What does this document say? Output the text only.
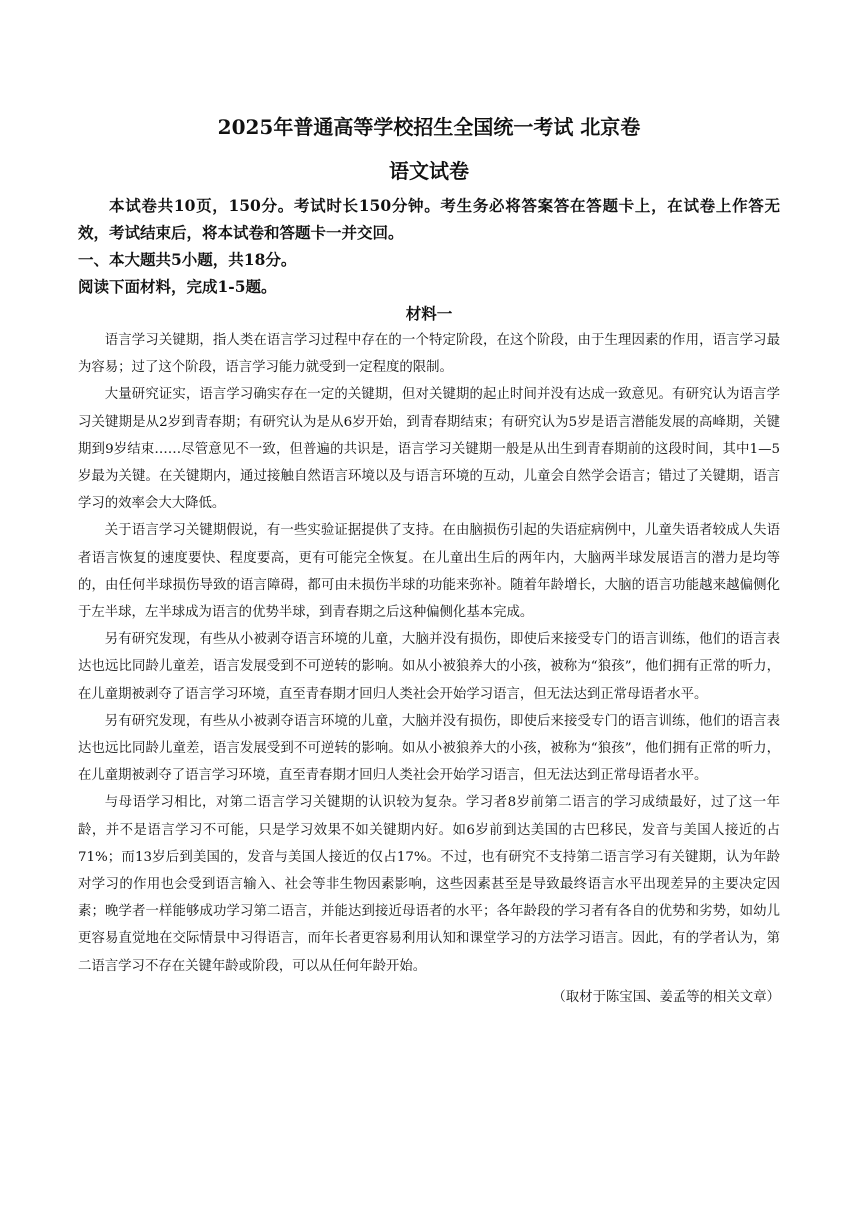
2025年普通高等学校招生全国统一考试 北京卷
语文试卷

本试卷共10页，150分。考试时长150分钟。考生务必将答案答在答题卡上，在试卷上作答无效，考试结束后，将本试卷和答题卡一并交回。

一、本大题共5小题，共18分。

阅读下面材料，完成1-5题。

材料一

语言学习关键期，指人类在语言学习过程中存在的一个特定阶段，在这个阶段，由于生理因素的作用，语言学习最为容易；过了这个阶段，语言学习能力就受到一定程度的限制。

大量研究证实，语言学习确实存在一定的关键期，但对关键期的起止时间并没有达成一致意见。有研究认为语言学习关键期是从2岁到青春期；有研究认为是从6岁开始，到青春期结束；有研究认为5岁是语言潜能发展的高峰期，关键期到9岁结束……尽管意见不一致，但普遍的共识是，语言学习关键期一般是从出生到青春期前的这段时间，其中1—5岁最为关键。在关键期内，通过接触自然语言环境以及与语言环境的互动，儿童会自然学会语言；错过了关键期，语言学习的效率会大大降低。

关于语言学习关键期假说，有一些实验证据提供了支持。在由脑损伤引起的失语症病例中，儿童失语者较成人失语者语言恢复的速度要快、程度要高，更有可能完全恢复。在儿童出生后的两年内，大脑两半球发展语言的潜力是均等的，由任何半球损伤导致的语言障碍，都可由未损伤半球的功能来弥补。随着年龄增长，大脑的语言功能越来越偏侧化于左半球，左半球成为语言的优势半球，到青春期之后这种偏侧化基本完成。

另有研究发现，有些从小被剥夺语言环境的儿童，大脑并没有损伤，即使后来接受专门的语言训练，他们的语言表达也远比同龄儿童差，语言发展受到不可逆转的影响。如从小被狼养大的小孩，被称为“狼孩”，他们拥有正常的听力，在儿童期被剥夺了语言学习环境，直至青春期才回归人类社会开始学习语言，但无法达到正常母语者水平。

另有研究发现，有些从小被剥夺语言环境的儿童，大脑并没有损伤，即使后来接受专门的语言训练，他们的语言表达也远比同龄儿童差，语言发展受到不可逆转的影响。如从小被狼养大的小孩，被称为“狼孩”，他们拥有正常的听力，在儿童期被剥夺了语言学习环境，直至青春期才回归人类社会开始学习语言，但无法达到正常母语者水平。

与母语学习相比，对第二语言学习关键期的认识较为复杂。学习者8岁前第二语言的学习成绩最好，过了这一年龄，并不是语言学习不可能，只是学习效果不如关键期内好。如6岁前到达美国的古巴移民，发音与美国人接近的占71%；而13岁后到美国的，发音与美国人接近的仅占17%。不过，也有研究不支持第二语言学习有关键期，认为年龄对学习的作用也会受到语言输入、社会等非生物因素影响，这些因素甚至是导致最终语言水平出现差异的主要决定因素；晚学者一样能够成功学习第二语言，并能达到接近母语者的水平；各年龄段的学习者有各自的优势和劣势，如幼儿更容易直觉地在交际情景中习得语言，而年长者更容易利用认知和课堂学习的方法学习语言。因此，有的学者认为，第二语言学习不存在关键年龄或阶段，可以从任何年龄开始。

（取材于陈宝国、姜孟等的相关文章）
